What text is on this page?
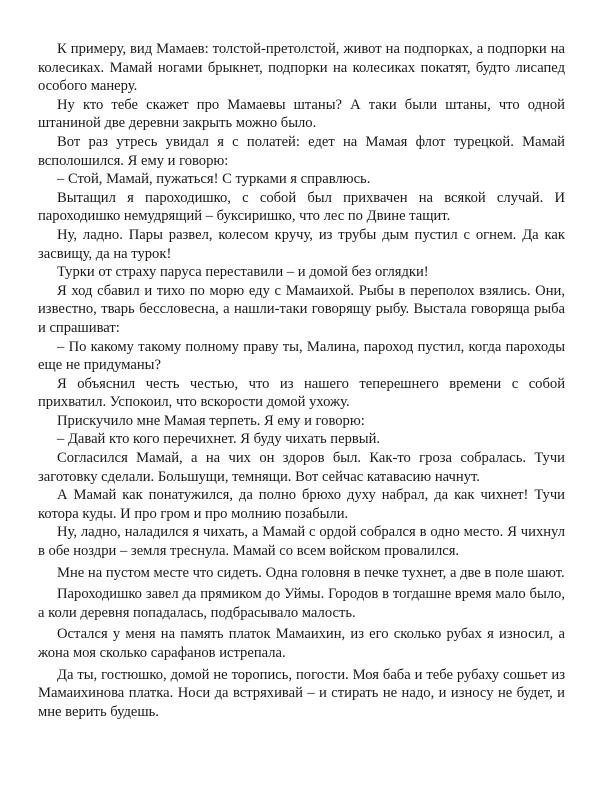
К примеру, вид Мамаев: толстой-претолстой, живот на подпорках, а подпорки на колесиках. Мамай ногами брыкнет, подпорки на колесиках покатят, будто лисапед особого манеру.

Ну кто тебе скажет про Мамаевы штаны? А таки были штаны, что одной штаниной две деревни закрыть можно было.

Вот раз утресь увидал я с полатей: едет на Мамая флот турецкой. Мамай всполошился. Я ему и говорю:

– Стой, Мамай, пужаться! С турками я справлюсь.

Вытащил я пароходишко, с собой был прихвачен на всякой случай. И пароходишко немудрящий – буксиришко, что лес по Двине тащит.

Ну, ладно. Пары развел, колесом кручу, из трубы дым пустил с огнем. Да как засвищу, да на турок!

Турки от страху паруса переставили – и домой без оглядки!

Я ход сбавил и тихо по морю еду с Мамаихой. Рыбы в переполох взялись. Они, известно, тварь бессловесна, а нашли-таки говорящу рыбу. Выстала говоряща рыба и спрашиват:

– По какому такому полному праву ты, Малина, пароход пустил, когда пароходы еще не придуманы?

Я объяснил честь честью, что из нашего теперешнего времени с собой прихватил. Успокоил, что вскорости домой ухожу.

Прискучило мне Мамая терпеть. Я ему и говорю:

– Давай кто кого перечихнет. Я буду чихать первый.

Согласился Мамай, а на чих он здоров был. Как-то гроза собралась. Тучи заготовку сделали. Большущи, темнящи. Вот сейчас катавасию начнут.

А Мамай как понатужился, да полно брюхо духу набрал, да как чихнет! Тучи котора куды. И про гром и про молнию позабыли.

Ну, ладно, наладился я чихать, а Мамай с ордой собрался в одно место. Я чихнул в обе ноздри – земля треснула. Мамай со всем войском провалился.

Мне на пустом месте что сидеть. Одна головня в печке тухнет, а две в поле шают.

Пароходишко завел да прямиком до Уймы. Городов в тогдашне время мало было, а коли деревня попадалась, подбрасывало малость.

Остался у меня на память платок Мамаихин, из его сколько рубах я износил, а жона моя сколько сарафанов истрепала.

Да ты, гостюшко, домой не торопись, погости. Моя баба и тебе рубаху сошьет из Мамаихинова платка. Носи да встряхивай – и стирать не надо, и износу не будет, и мне верить будешь.
